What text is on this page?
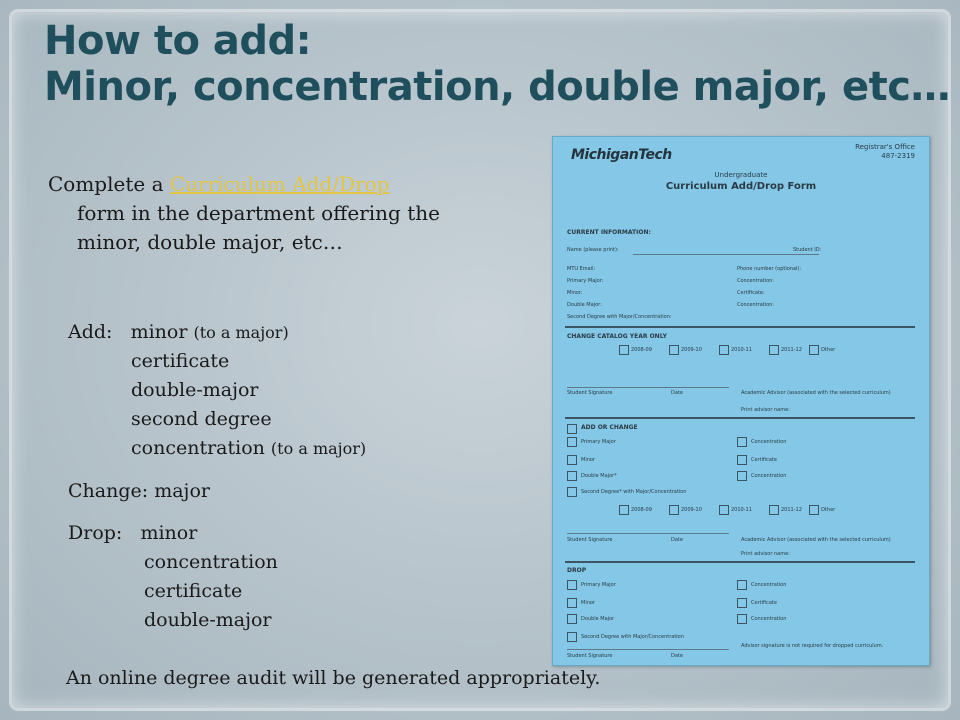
How to add:
Minor, concentration, double major, etc…
Complete a Curriculum Add/Drop
form in the department offering the
minor, double major, etc…
Add: minor (to a major)
certificate
double-major
second degree
concentration (to a major)
Change: major
Drop: minor
concentration
certificate
double-major
An online degree audit will be generated appropriately.
MichiganTech	Registrar's Office
487-2319
Undergraduate
Curriculum Add/Drop Form
CURRENT INFORMATION:
Name (please print):	Student ID:
MTU Email:	Phone number (optional):
Primary Major:	Concentration:
Minor:	Certificate:
Double Major:	Concentration:
Second Degree with Major/Concentration:
CHANGE CATALOG YEAR ONLY
2008-09	2009-10	2010-11	2011-12	Other
Student Signature	Date	Academic Advisor (associated with the selected curriculum)
Print advisor name:
ADD OR CHANGE
Primary Major	Concentration
Minor	Certificate
Double Major*	Concentration
Second Degree* with Major/Concentration
2008-09	2009-10	2010-11	2011-12	Other
Student Signature	Date	Academic Advisor (associated with the selected curriculum)
Print advisor name:
DROP
Primary Major	Concentration
Minor	Certificate
Double Major	Concentration
Second Degree with Major/Concentration
Student Signature	Date
Advisor signature is not required for dropped curriculum.
